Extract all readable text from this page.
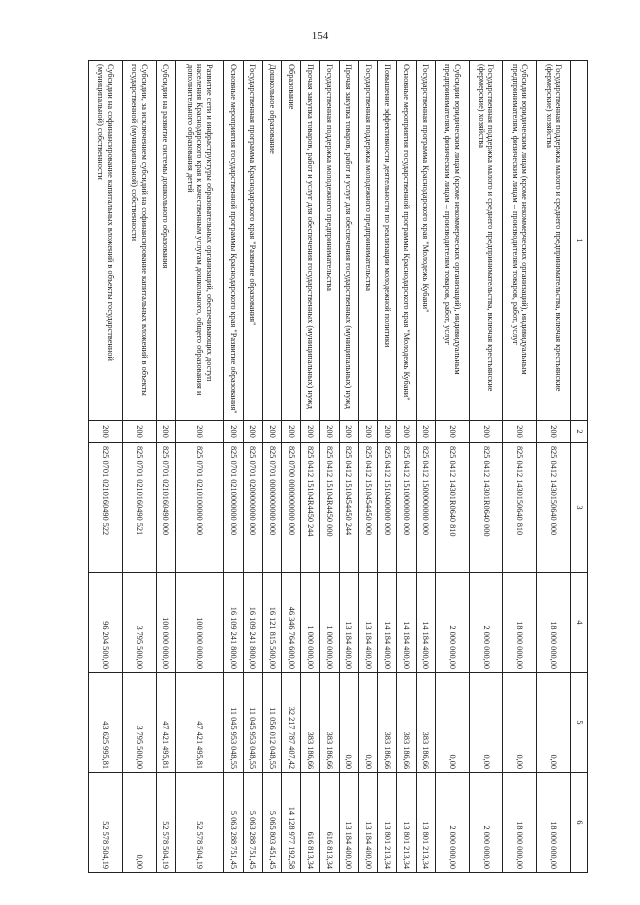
154
1	2	3	4	5	6
Государственная поддержка малого и среднего предпринимательства, включая крестьянские (фермерские) хозяйства	200	825 0412 1430150640 000	18 000 000,00	0,00	18 000 000,00
Субсидии юридическим лицам (кроме некоммерческих организаций), индивидуальным предпринимателям, физическим лицам – производителям товаров, работ, услуг	200	825 0412 1430150640 810	18 000 000,00	0,00	18 000 000,00
Государственная поддержка малого и среднего предпринимательства, включая крестьянские (фермерские) хозяйства	200	825 0412 14301R0640 000	2 000 000,00	0,00	2 000 000,00
Субсидии юридическим лицам (кроме некоммерческих организаций), индивидуальным предпринимателям, физическим лицам – производителям товаров, работ, услуг	200	825 0412 14301R0640 810	2 000 000,00	0,00	2 000 000,00
Государственная программа Краснодарского края "Молодежь Кубани"	200	825 0412 1500000000 000	14 184 400,00	383 186,66	13 801 213,34
Основные мероприятия государственной программы Краснодарского края "Молодежь Кубани"	200	825 0412 1510000000 000	14 184 400,00	383 186,66	13 801 213,34
Повышение эффективности деятельности по реализации молодежной политики	200	825 0412 1510400000 000	14 184 400,00	383 186,66	13 801 213,34
Государственная поддержка молодежного предпринимательства	200	825 0412 1510454450 000	13 184 400,00	0,00	13 184 400,00
Прочая закупка товаров, работ и услуг для обеспечения государственных (муниципальных) нужд	200	825 0412 1510454450 244	13 184 400,00	0,00	13 184 400,00
Государственная поддержка молодежного предпринимательства	200	825 0412 15104R4450 000	1 000 000,00	383 186,66	616 813,34
Прочая закупка товаров, работ и услуг для обеспечения государственных (муниципальных) нужд	200	825 0412 15104R4450 244	1 000 000,00	383 186,66	616 813,34
Образование	200	825 0700 0000000000 000	46 346 764 600,00	32 217 787 407,42	14 128 977 192,58
Дошкольное образование	200	825 0701 0000000000 000	16 121 815 500,00	11 056 012 048,55	5 065 803 451,45
Государственная программа Краснодарского края "Развитие образования"	200	825 0701 0200000000 000	16 109 241 800,00	11 045 953 048,55	5 063 288 751,45
Основные мероприятия государственной программы Краснодарского края "Развитие образования"	200	825 0701 0210000000 000	16 109 241 800,00	11 045 953 048,55	5 063 288 751,45
Развитие сети и инфраструктуры образовательных организаций, обеспечивающих доступ населения Краснодарского края к качественным услугам дошкольного, общего образования и дополнительного образования детей	200	825 0701 0210100000 000	100 000 000,00	47 421 495,81	52 578 504,19
Субсидии на развитие системы дошкольного образования	200	825 0701 0210160490 000	100 000 000,00	47 421 495,81	52 578 504,19
Субсидии, за исключением субсидий на софинансирование капитальных вложений в объекты государственной (муниципальной) собственности	200	825 0701 0210160490 521	3 795 500,00	3 795 500,00	0,00
Субсидии на софинансирование капитальных вложений в объекты государственной (муниципальной) собственности	200	825 0701 0210160490 522	96 204 500,00	43 625 995,81	52 578 504,19
